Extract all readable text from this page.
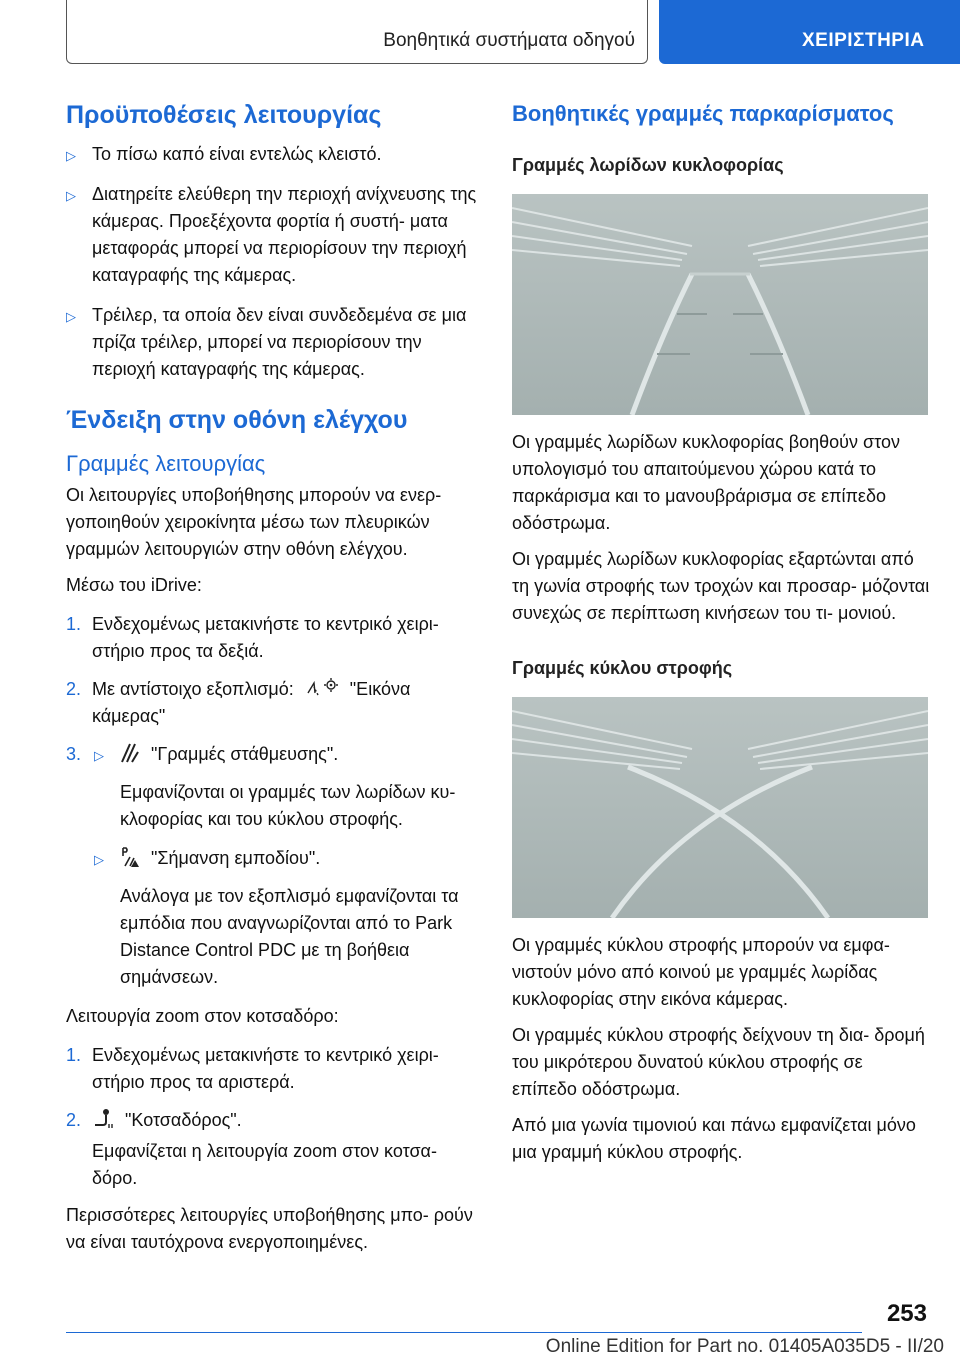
Βοηθητικά συστήματα οδηγού	ΧΕΙΡΙΣΤΗΡΙΑ
Προϋποθέσεις λειτουργίας
▷ Το πίσω καπό είναι εντελώς κλειστό.
▷ Διατηρείτε ελεύθερη την περιοχή ανίχνευσης της κάμερας. Προεξέχοντα φορτία ή συστή- ματα μεταφοράς μπορεί να περιορίσουν την περιοχή καταγραφής της κάμερας.
▷ Τρέιλερ, τα οποία δεν είναι συνδεδεμένα σε μια πρίζα τρέιλερ, μπορεί να περιορίσουν την περιοχή καταγραφής της κάμερας.
Ένδειξη στην οθόνη ελέγχου
Γραμμές λειτουργίας
Οι λειτουργίες υποβοήθησης μπορούν να ενερ- γοποιηθούν χειροκίνητα μέσω των πλευρικών γραμμών λειτουργιών στην οθόνη ελέγχου.
Μέσω του iDrive:
1. Ενδεχομένως μετακινήστε το κεντρικό χειρι- στήριο προς τα δεξιά.
2. Με αντίστοιχο εξοπλισμό:	"Εικόνα κάμερας"
3. ▷	"Γραμμές στάθμευσης".
Εμφανίζονται οι γραμμές των λωρίδων κυ- κλοφορίας και του κύκλου στροφής.
▷	"Σήμανση εμποδίου".
Ανάλογα με τον εξοπλισμό εμφανίζονται τα εμπόδια που αναγνωρίζονται από το Park Distance Control PDC με τη βοήθεια σημάνσεων.
Λειτουργία zoom στον κοτσαδόρο:
1. Ενδεχομένως μετακινήστε το κεντρικό χειρι- στήριο προς τα αριστερά.
2. "Κοτσαδόρος".
Εμφανίζεται η λειτουργία zoom στον κοτσα- δόρο.
Περισσότερες λειτουργίες υποβοήθησης μπο- ρούν να είναι ταυτόχρονα ενεργοποιημένες.
Βοηθητικές γραμμές παρκαρίσματος
Γραμμές λωρίδων κυκλοφορίας
Οι γραμμές λωρίδων κυκλοφορίας βοηθούν στον υπολογισμό του απαιτούμενου χώρου κατά το παρκάρισμα και το μανουβράρισμα σε επίπεδο οδόστρωμα.
Οι γραμμές λωρίδων κυκλοφορίας εξαρτώνται από τη γωνία στροφής των τροχών και προσαρ- μόζονται συνεχώς σε περίπτωση κινήσεων του τι- μονιού.
Γραμμές κύκλου στροφής
Οι γραμμές κύκλου στροφής μπορούν να εμφα- νιστούν μόνο από κοινού με γραμμές λωρίδας κυκλοφορίας στην εικόνα κάμερας.
Οι γραμμές κύκλου στροφής δείχνουν τη δια- δρομή του μικρότερου δυνατού κύκλου στροφής σε επίπεδο οδόστρωμα.
Από μια γωνία τιμονιού και πάνω εμφανίζεται μόνο μια γραμμή κύκλου στροφής.
253
Online Edition for Part no. 01405A035D5 - II/20
